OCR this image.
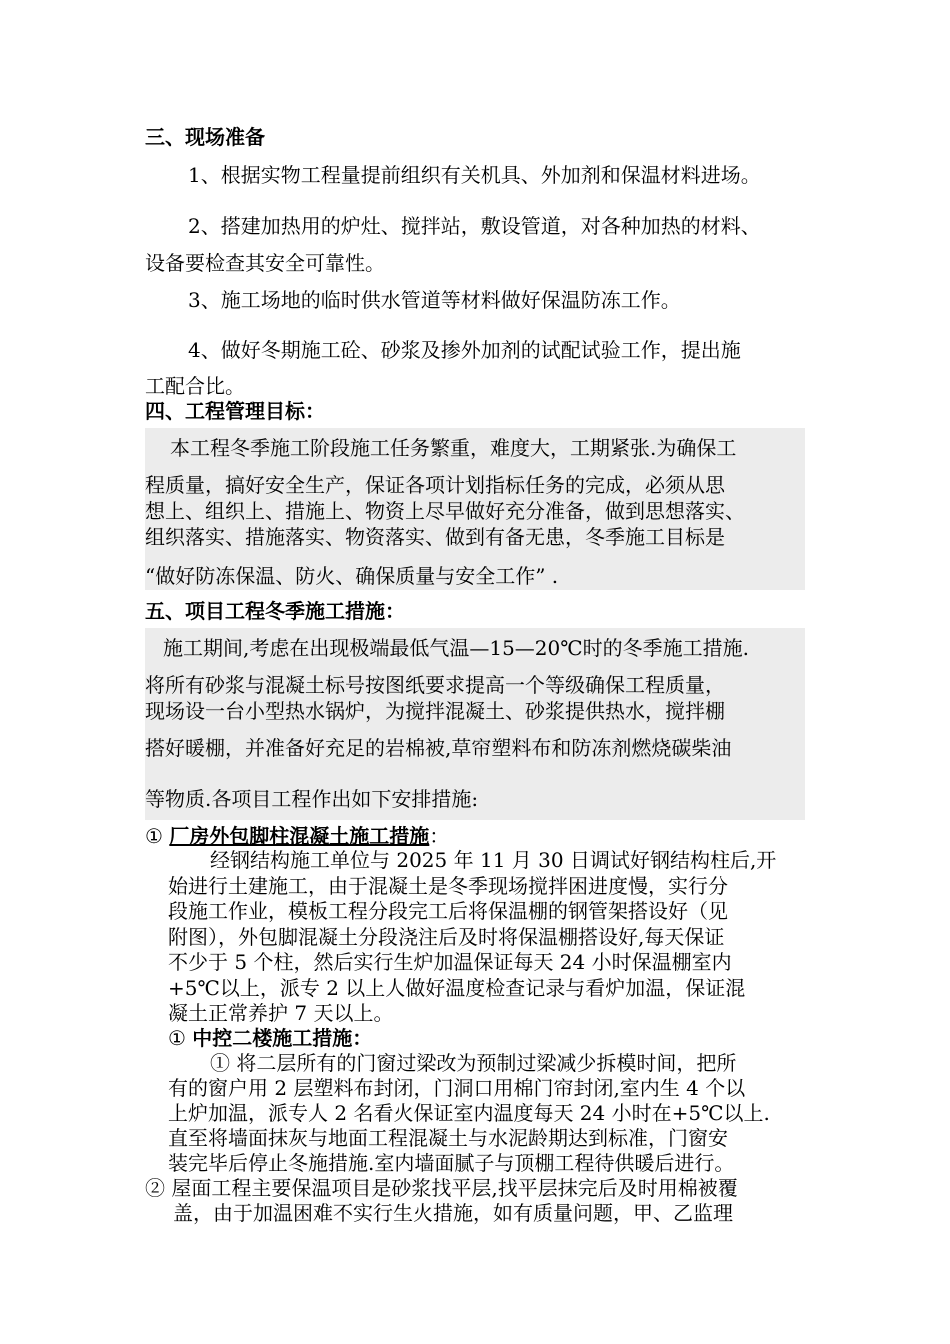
三、现场准备
1、根据实物工程量提前组织有关机具、外加剂和保温材料进场。
2、搭建加热用的炉灶、搅拌站，敷设管道，对各种加热的材料、
设备要检查其安全可靠性。
3、施工场地的临时供水管道等材料做好保温防冻工作。
4、做好冬期施工砼、砂浆及掺外加剂的试配试验工作，提出施
工配合比。
四、工程管理目标：
本工程冬季施工阶段施工任务繁重，难度大，工期紧张.为确保工
程质量，搞好安全生产，保证各项计划指标任务的完成，必须从思
想上、组织上、措施上、物资上尽早做好充分准备，做到思想落实、
组织落实、措施落实、物资落实、做到有备无患，冬季施工目标是
“做好防冻保温、防火、确保质量与安全工作” .
五、项目工程冬季施工措施：
施工期间,考虑在出现极端最低气温—15—20℃时的冬季施工措施.
将所有砂浆与混凝土标号按图纸要求提高一个等级确保工程质量，
现场设一台小型热水锅炉，为搅拌混凝土、砂浆提供热水，搅拌棚
搭好暖棚，并准备好充足的岩棉被,草帘塑料布和防冻剂燃烧碳柴油
等物质.各项目工程作出如下安排措施:
① 厂房外包脚柱混凝土施工措施：
经钢结构施工单位与 2025 年 11 月 30 日调试好钢结构柱后,开
始进行土建施工，由于混凝土是冬季现场搅拌困进度慢，实行分
段施工作业，模板工程分段完工后将保温棚的钢管架搭设好（见
附图），外包脚混凝土分段浇注后及时将保温棚搭设好,每天保证
不少于 5 个柱，然后实行生炉加温保证每天 24 小时保温棚室内
+5℃以上，派专 2 以上人做好温度检查记录与看炉加温，保证混
凝土正常养护 7 天以上。
① 中控二楼施工措施：
① 将二层所有的门窗过梁改为预制过梁减少拆模时间，把所
有的窗户用 2 层塑料布封闭，门洞口用棉门帘封闭,室内生 4 个以
上炉加温，派专人 2 名看火保证室内温度每天 24 小时在+5℃以上.
直至将墙面抹灰与地面工程混凝土与水泥龄期达到标准，门窗安
装完毕后停止冬施措施.室内墙面腻子与顶棚工程待供暖后进行。
② 屋面工程主要保温项目是砂浆找平层,找平层抹完后及时用棉被覆
盖，由于加温困难不实行生火措施，如有质量问题，甲、乙监理
